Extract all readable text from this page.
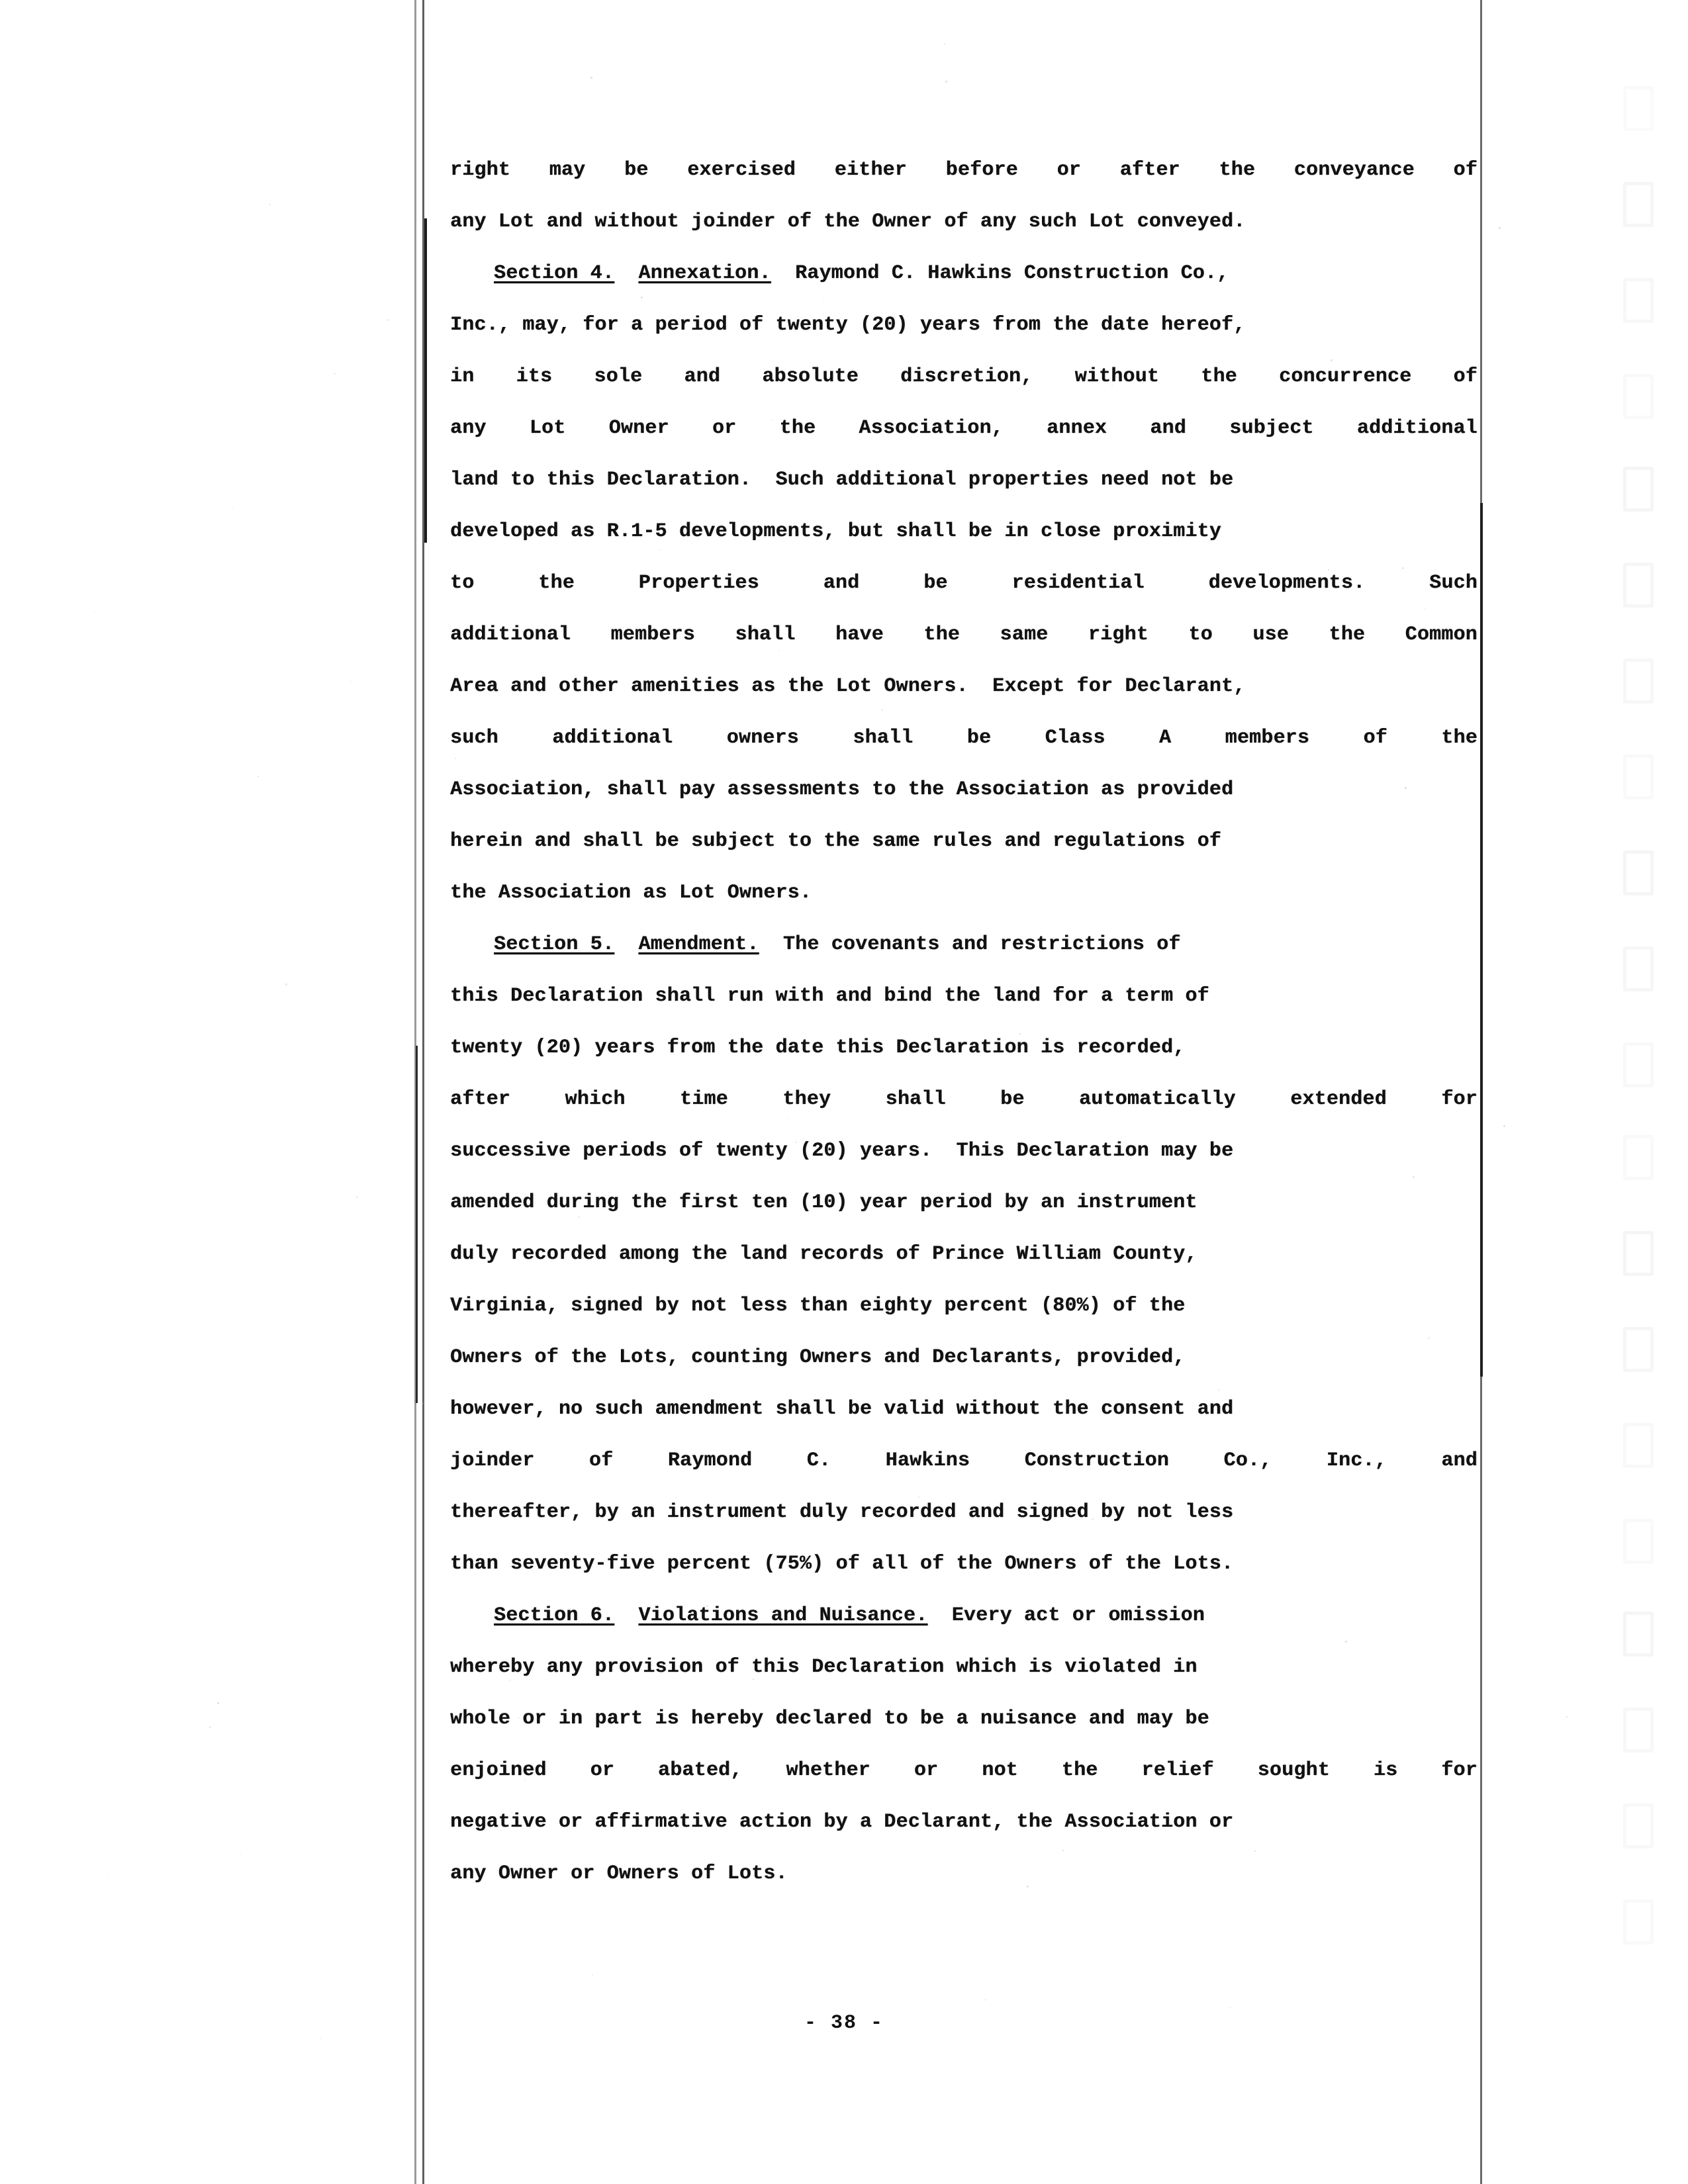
right may be exercised either before or after the conveyance of
any Lot and without joinder of the Owner of any such Lot conveyed.
Section 4. Annexation.  Raymond C. Hawkins Construction Co.,
Inc., may, for a period of twenty (20) years from the date hereof,
in its sole and absolute discretion, without the concurrence of
any Lot Owner or the Association, annex and subject additional
land to this Declaration.  Such additional properties need not be
developed as R.1-5 developments, but shall be in close proximity
to	the	Properties	and	be	residential	developments.	Such
additional members shall have the same right to use the Common
Area and other amenities as the Lot Owners.  Except for Declarant,
such	additional	owners	shall	be	Class	A	members	of	the
Association, shall pay assessments to the Association as provided
herein and shall be subject to the same rules and regulations of
the Association as Lot Owners.
Section 5. Amendment.  The covenants and restrictions of
this Declaration shall run with and bind the land for a term of
twenty (20) years from the date this Declaration is recorded,
after	which	time	they	shall	be	automatically	extended	for
successive periods of twenty (20) years.  This Declaration may be
amended during the first ten (10) year period by an instrument
duly recorded among the land records of Prince William County,
Virginia, signed by not less than eighty percent (80%) of the
Owners of the Lots, counting Owners and Declarants, provided,
however, no such amendment shall be valid without the consent and
joinder	of	Raymond	C.	Hawkins	Construction	Co.,	Inc.,	and
thereafter, by an instrument duly recorded and signed by not less
than seventy-five percent (75%) of all of the Owners of the Lots.
Section 6. Violations and Nuisance.  Every act or omission
whereby any provision of this Declaration which is violated in
whole or in part is hereby declared to be a nuisance and may be
enjoined or abated, whether or not the relief sought is for
negative or affirmative action by a Declarant, the Association or
any Owner or Owners of Lots.
- 38 -
